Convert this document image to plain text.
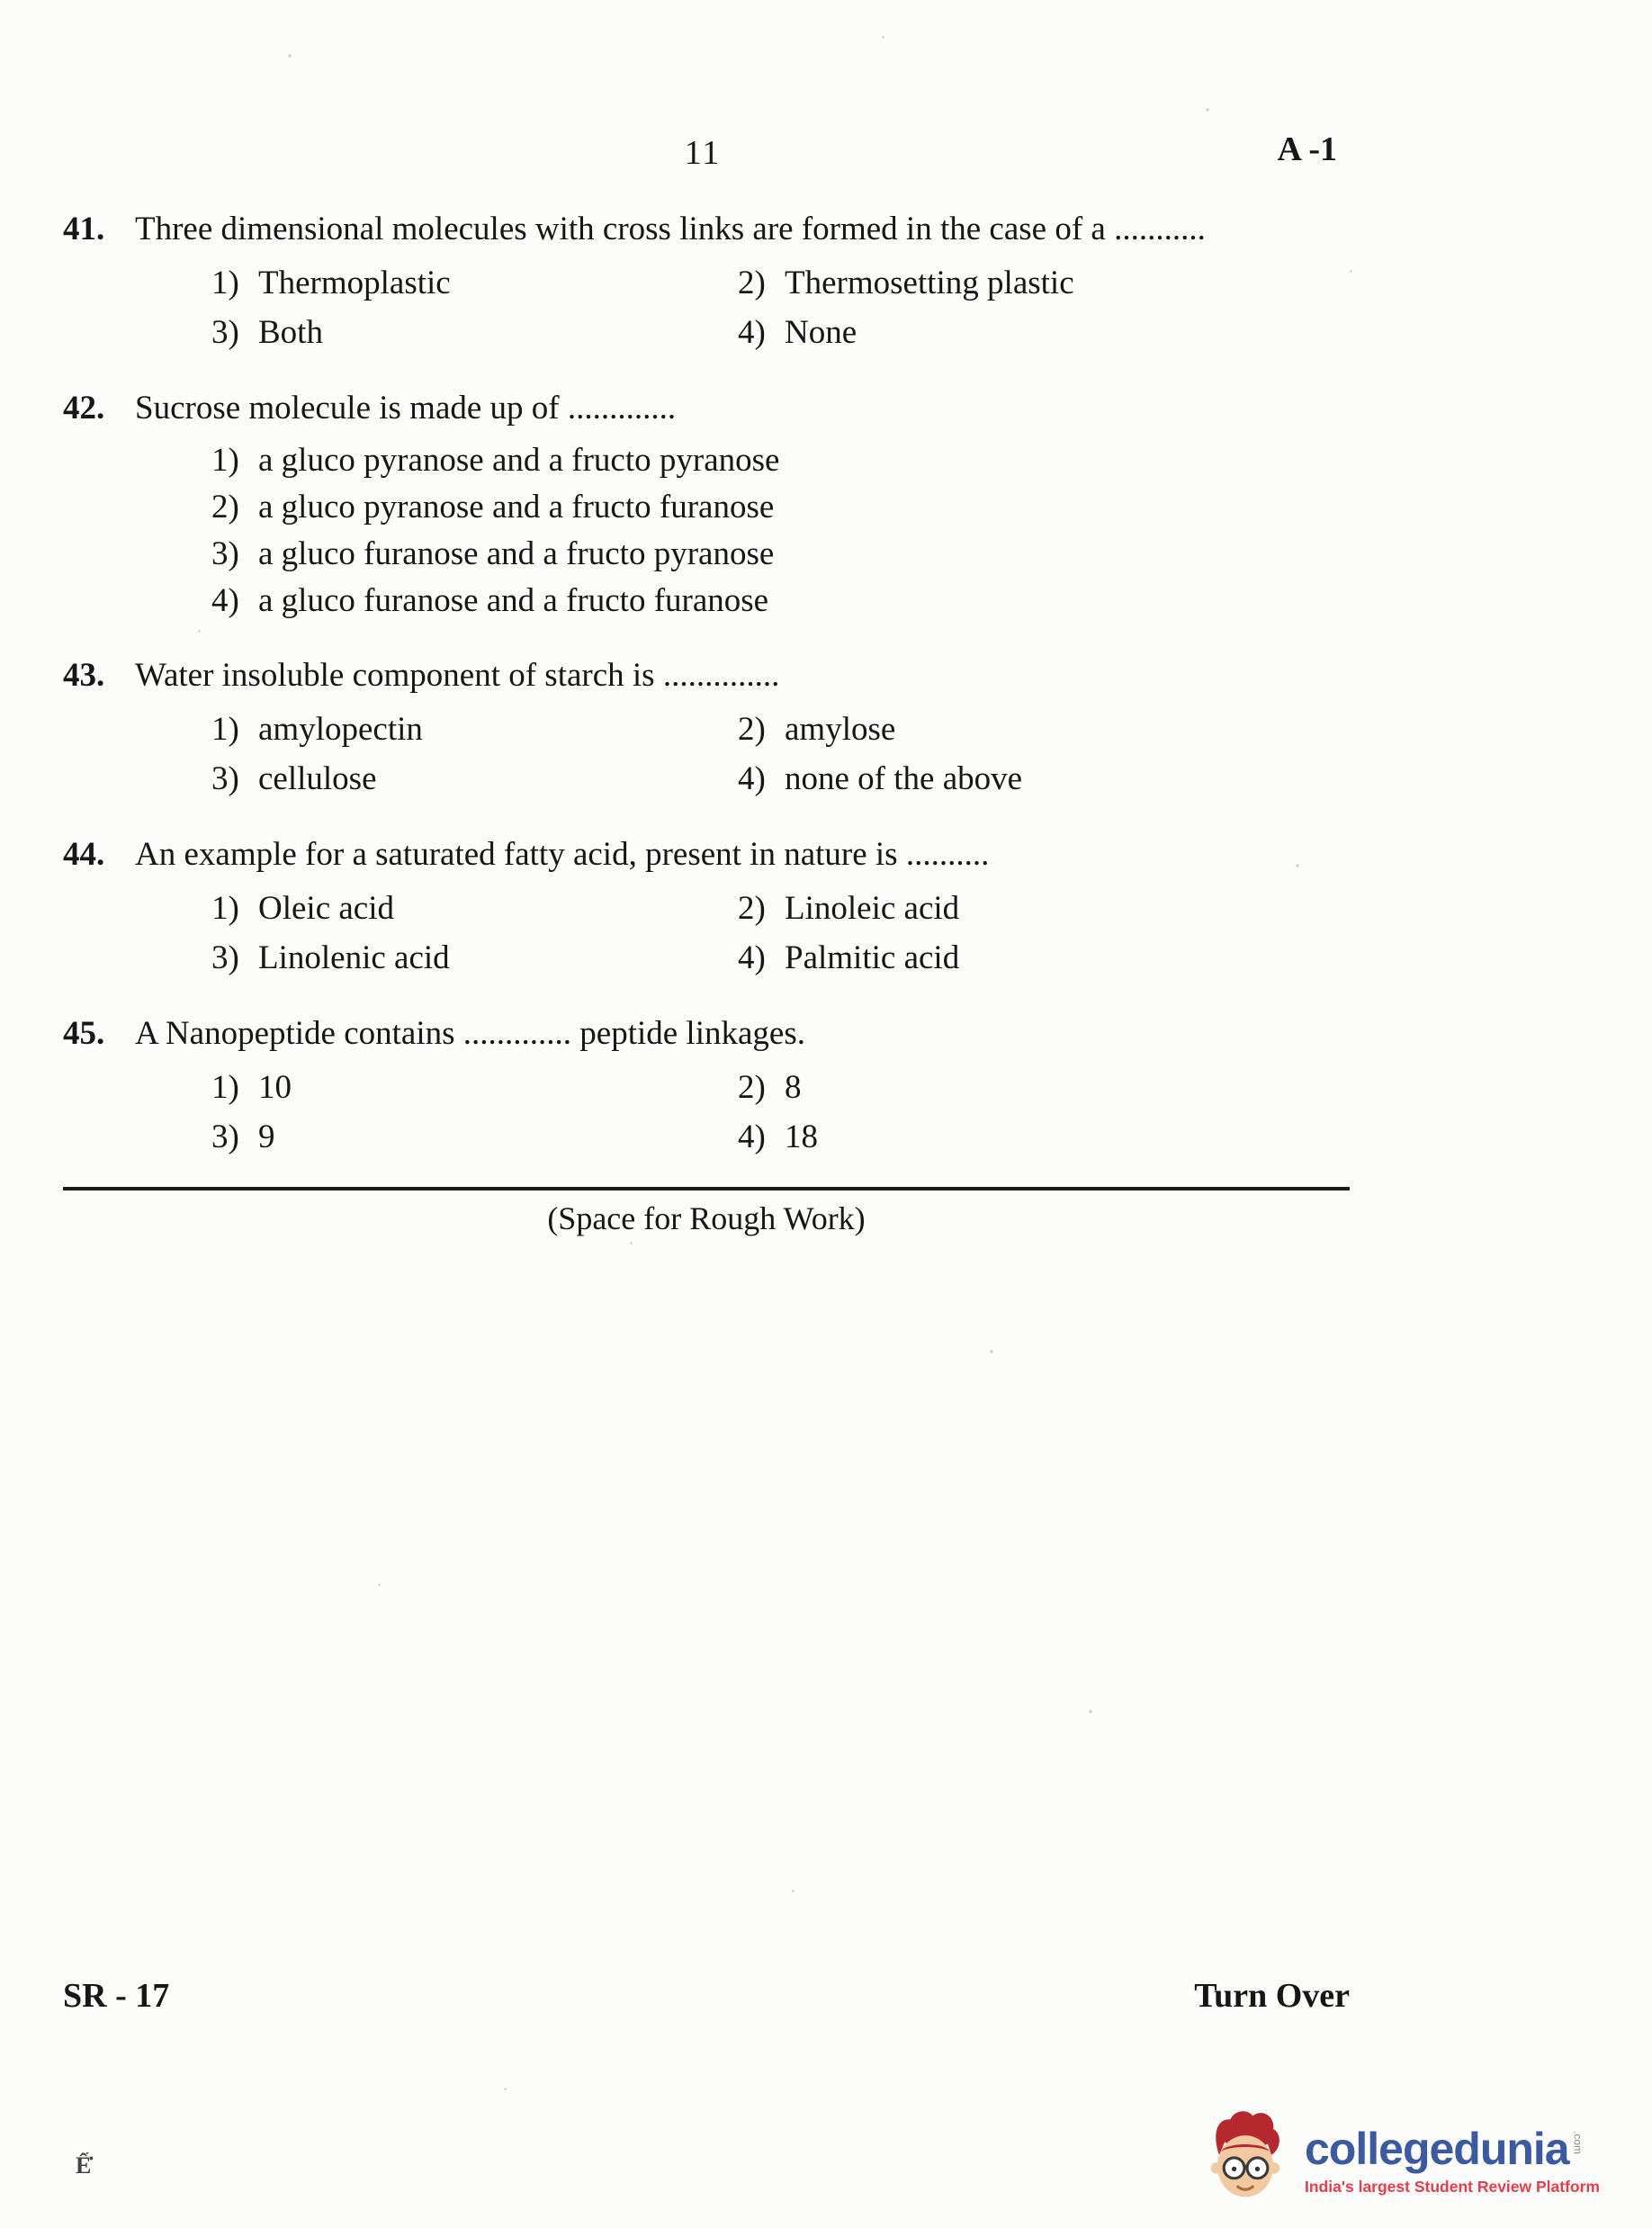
11	A -1
41. Three dimensional molecules with cross links are formed in the case of a ...........
1) Thermoplastic	2) Thermosetting plastic
3) Both	4) None
42. Sucrose molecule is made up of .............
1) a gluco pyranose and a fructo pyranose
2) a gluco pyranose and a fructo furanose
3) a gluco furanose and a fructo pyranose
4) a gluco furanose and a fructo furanose
43. Water insoluble component of starch is ..............
1) amylopectin	2) amylose
3) cellulose	4) none of the above
44. An example for a saturated fatty acid, present in nature is ..........
1) Oleic acid	2) Linoleic acid
3) Linolenic acid	4) Palmitic acid
45. A Nanopeptide contains ............. peptide linkages.
1) 10	2) 8
3) 9	4) 18
(Space for Rough Work)
SR - 17	Turn Over
Ế̇	collegedunia .com
India's largest Student Review Platform
